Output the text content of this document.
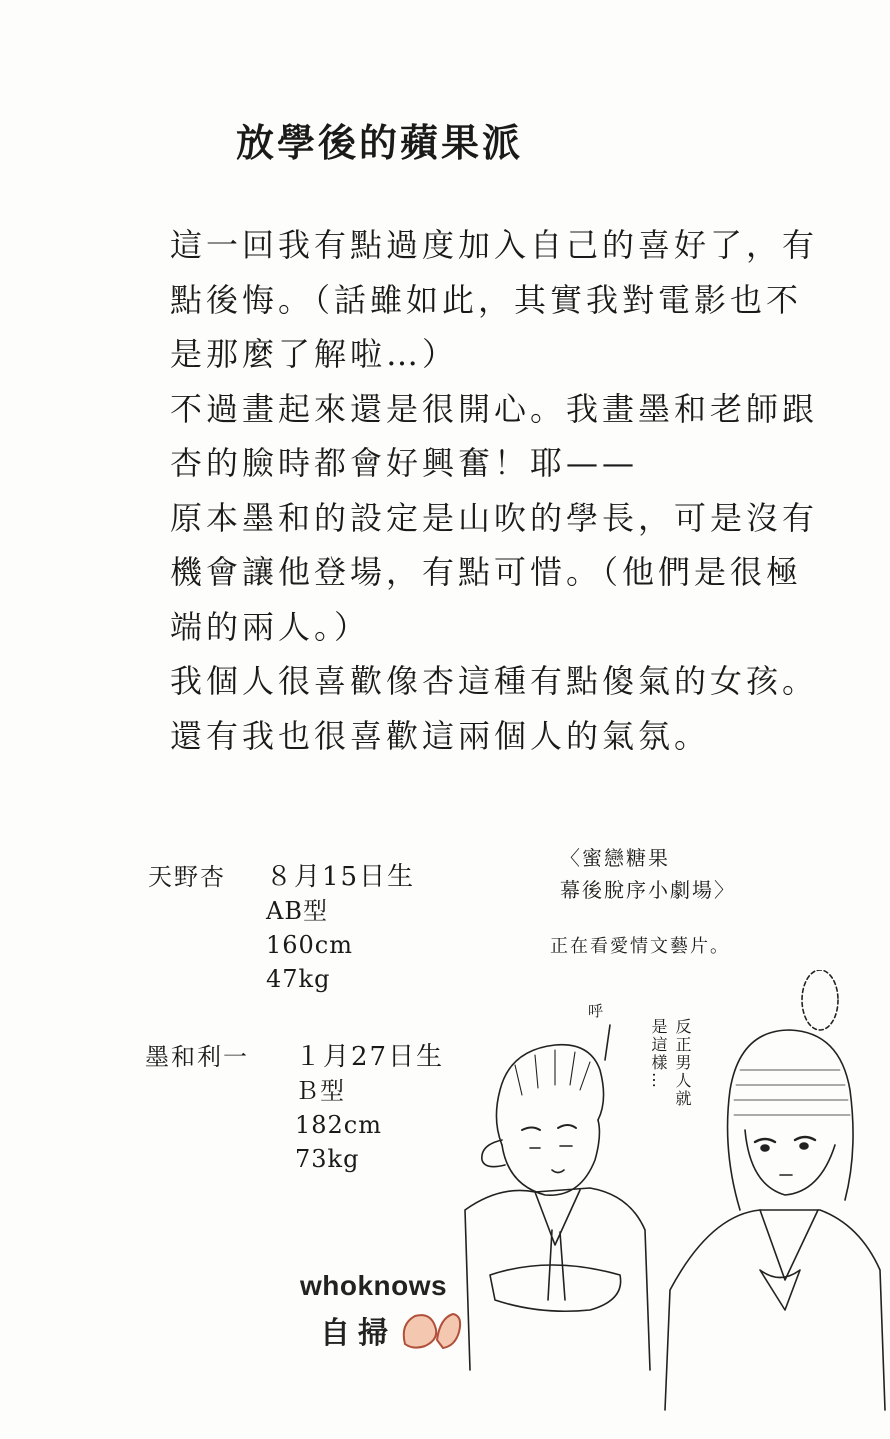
放學後的蘋果派
這一回我有點過度加入自己的喜好了，有
點後悔。（話雖如此，其實我對電影也不
是那麼了解啦…）
不過畫起來還是很開心。我畫墨和老師跟
杏的臉時都會好興奮！耶——
原本墨和的設定是山吹的學長，可是沒有
機會讓他登場，有點可惜。（他們是很極
端的兩人。）
我個人很喜歡像杏這種有點傻氣的女孩。
還有我也很喜歡這兩個人的氣氛。
天野杏 ８月15日生
AB型
160cm
47kg
墨和利一 １月27日生
Ｂ型
182cm
73kg
〈蜜戀糖果
幕後脫序小劇場〉
正在看愛情文藝片。
呼
反正男人就
是這樣…
whoknows
自掃
